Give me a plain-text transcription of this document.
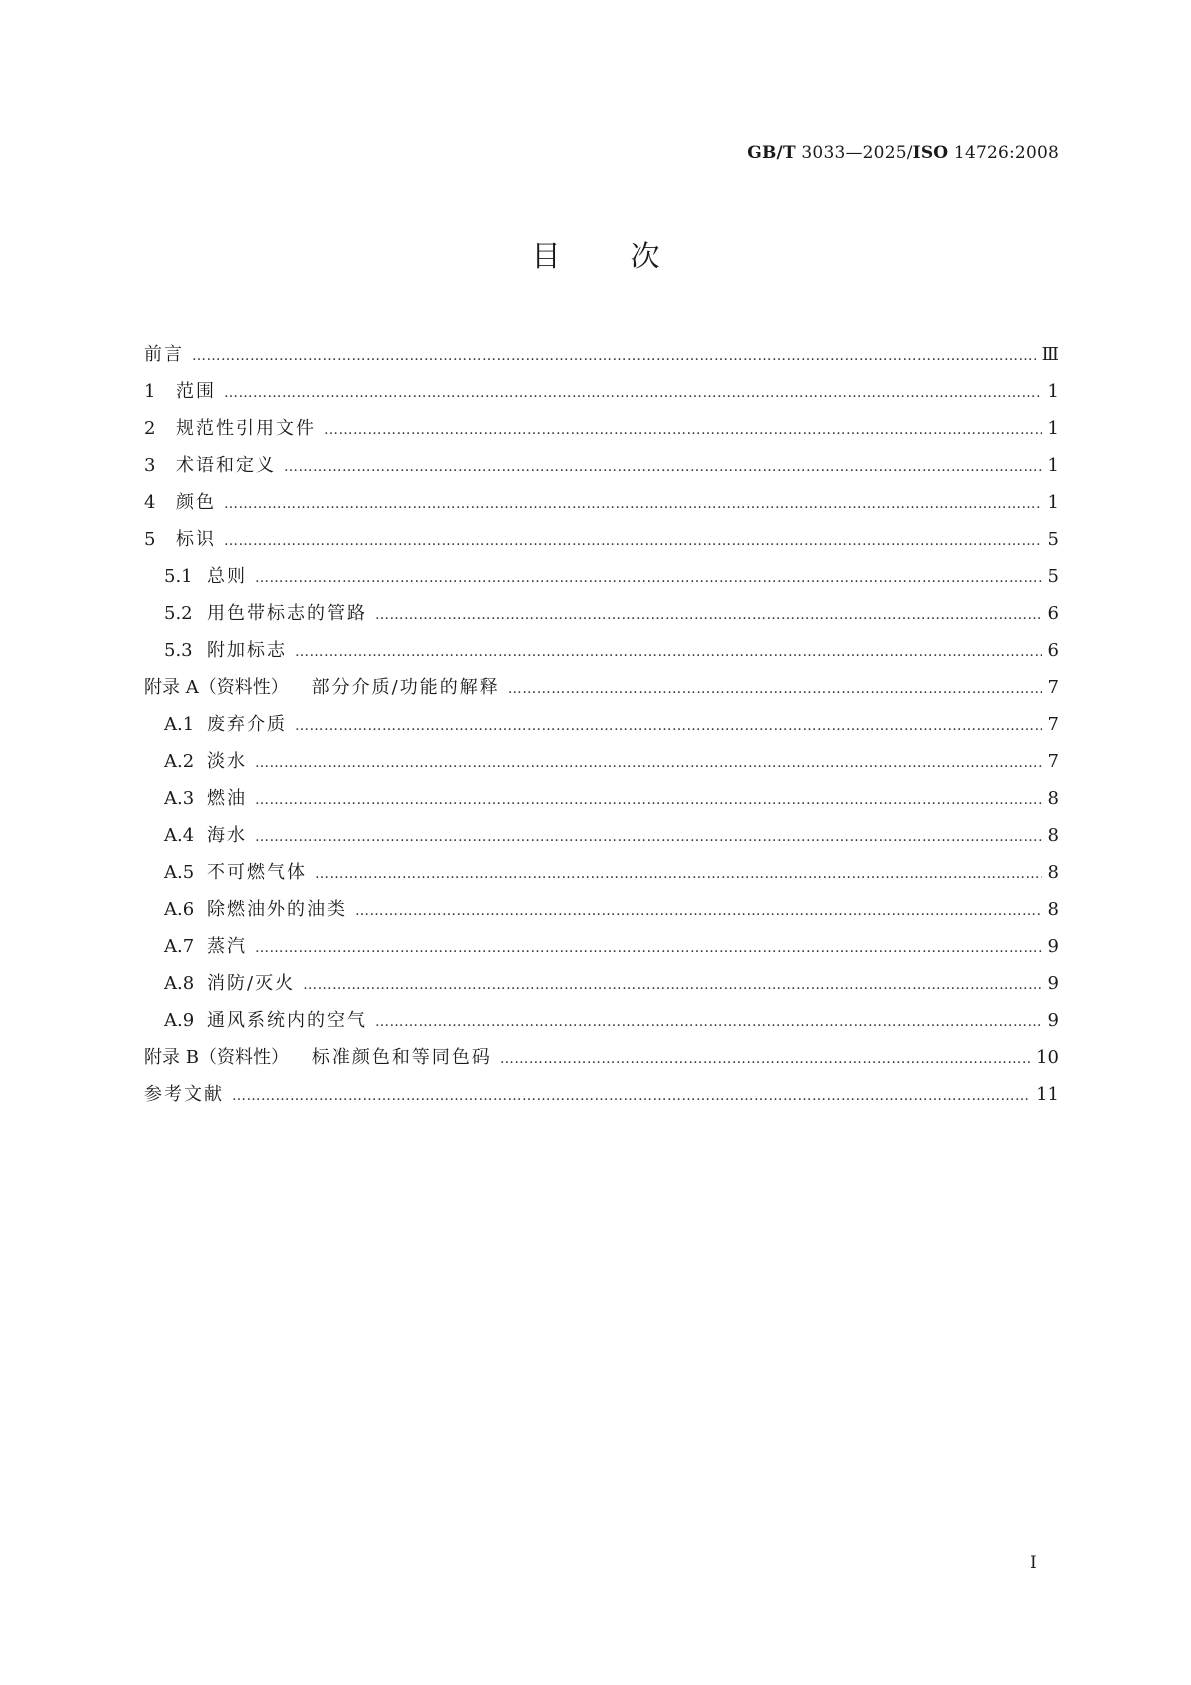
GB/T 3033—2025/ISO 14726:2008
目 次
前言 ……………………………………………………………………………………………………………………………………………………………………………………………………………………………………	Ⅲ
1	范围 ……………………………………………………………………………………………………………………………………………………………………………………………………………………………………	1
2	规范性引用文件 ……………………………………………………………………………………………………………………………………………………………………………………………………………………………………	1
3	术语和定义 ……………………………………………………………………………………………………………………………………………………………………………………………………………………………………	1
4	颜色 ……………………………………………………………………………………………………………………………………………………………………………………………………………………………………	1
5	标识 ……………………………………………………………………………………………………………………………………………………………………………………………………………………………………	5
5.1 总则 ……………………………………………………………………………………………………………………………………………………………………………………………………………………………………	5
5.2 用色带标志的管路 ……………………………………………………………………………………………………………………………………………………………………………………………………………………………………	6
5.3 附加标志 ……………………………………………………………………………………………………………………………………………………………………………………………………………………………………	6
附录 A（资料性）
部分介质/功能的解释 ……………………………………………………………………………………………………………………………………………………………………………………………………………………………………	7
A.1 废弃介质 ……………………………………………………………………………………………………………………………………………………………………………………………………………………………………	7
A.2 淡水 ……………………………………………………………………………………………………………………………………………………………………………………………………………………………………	7
A.3 燃油 ……………………………………………………………………………………………………………………………………………………………………………………………………………………………………	8
A.4 海水 ……………………………………………………………………………………………………………………………………………………………………………………………………………………………………	8
A.5 不可燃气体 ……………………………………………………………………………………………………………………………………………………………………………………………………………………………………	8
A.6 除燃油外的油类 ……………………………………………………………………………………………………………………………………………………………………………………………………………………………………	8
A.7 蒸汽 ……………………………………………………………………………………………………………………………………………………………………………………………………………………………………	9
A.8 消防/灭火 ……………………………………………………………………………………………………………………………………………………………………………………………………………………………………	9
A.9 通风系统内的空气 ……………………………………………………………………………………………………………………………………………………………………………………………………………………………………	9
附录 B（资料性）
标准颜色和等同色码 ……………………………………………………………………………………………………………………………………………………………………………………………………………………………………	10
参考文献 ……………………………………………………………………………………………………………………………………………………………………………………………………………………………………	11
Ⅰ
